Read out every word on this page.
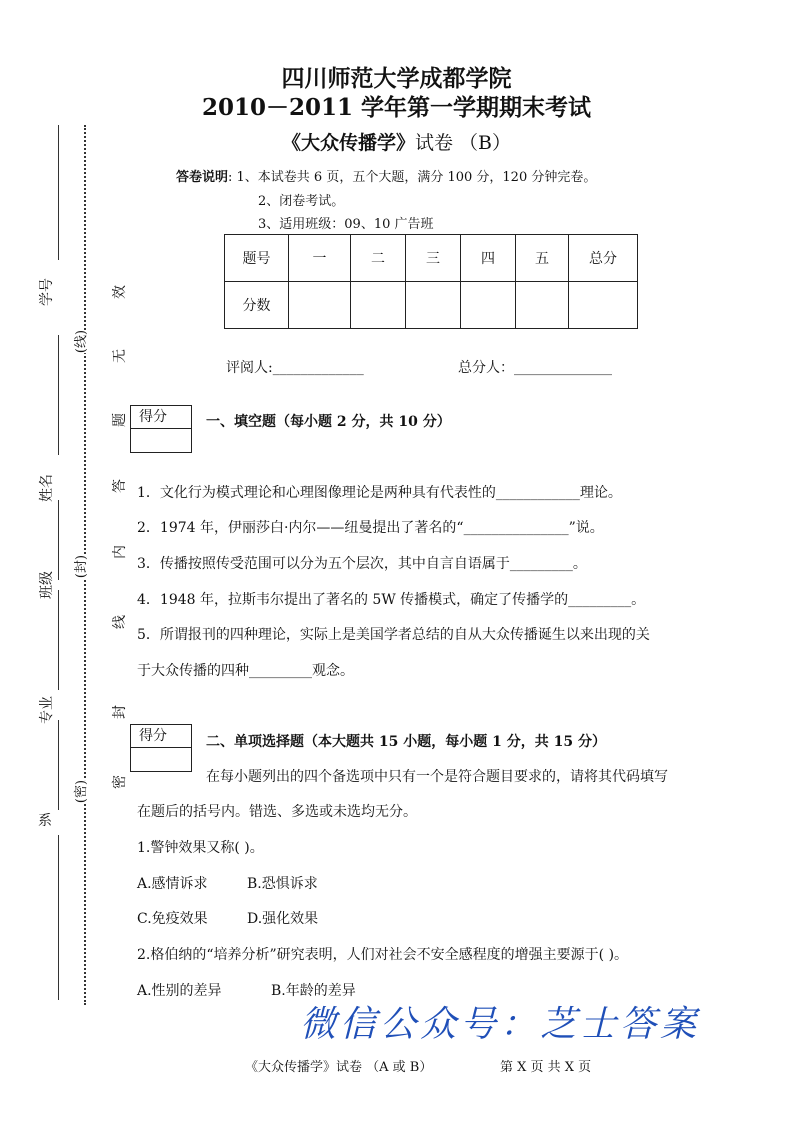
四川师范大学成都学院
2010－2011 学年第一学期期末考试
《大众传播学》试卷 （B）
答卷说明: 1、本试卷共 6 页，五个大题，满分 100 分，120 分钟完卷。
2、闭卷考试。
3、适用班级：09、10 广告班
题号	一	二	三	四	五	总分
分数						
评阅人:_____________	总分人：______________
学号
姓名
班级
专业
系
(线)
(封)
(密)
效
无
题
答
内
线
封
密
得分	一、填空题（每小题 2 分，共 10 分）
1．文化行为模式理论和心理图像理论是两种具有代表性的____________理论。
2．1974 年，伊丽莎白·内尔——纽曼提出了著名的“_______________”说。
3．传播按照传受范围可以分为五个层次，其中自言自语属于_________。
4．1948 年，拉斯韦尔提出了著名的 5W 传播模式，确定了传播学的_________。
5．所谓报刊的四种理论，实际上是美国学者总结的自从大众传播诞生以来出现的关
于大众传播的四种_________观念。
得分	二、单项选择题（本大题共 15 小题，每小题 1 分，共 15 分）
在每小题列出的四个备选项中只有一个是符合题目要求的，请将其代码填写
在题后的括号内。错选、多选或未选均无分。
1.警钟效果又称( )。
A.感情诉求	B.恐惧诉求
C.免疫效果	D.强化效果
2.格伯纳的“培养分析”研究表明，人们对社会不安全感程度的增强主要源于( )。
A.性别的差异	B.年龄的差异
微信公众号：芝士答案
《大众传播学》试卷 （A 或 B）	第 X 页 共 X 页
